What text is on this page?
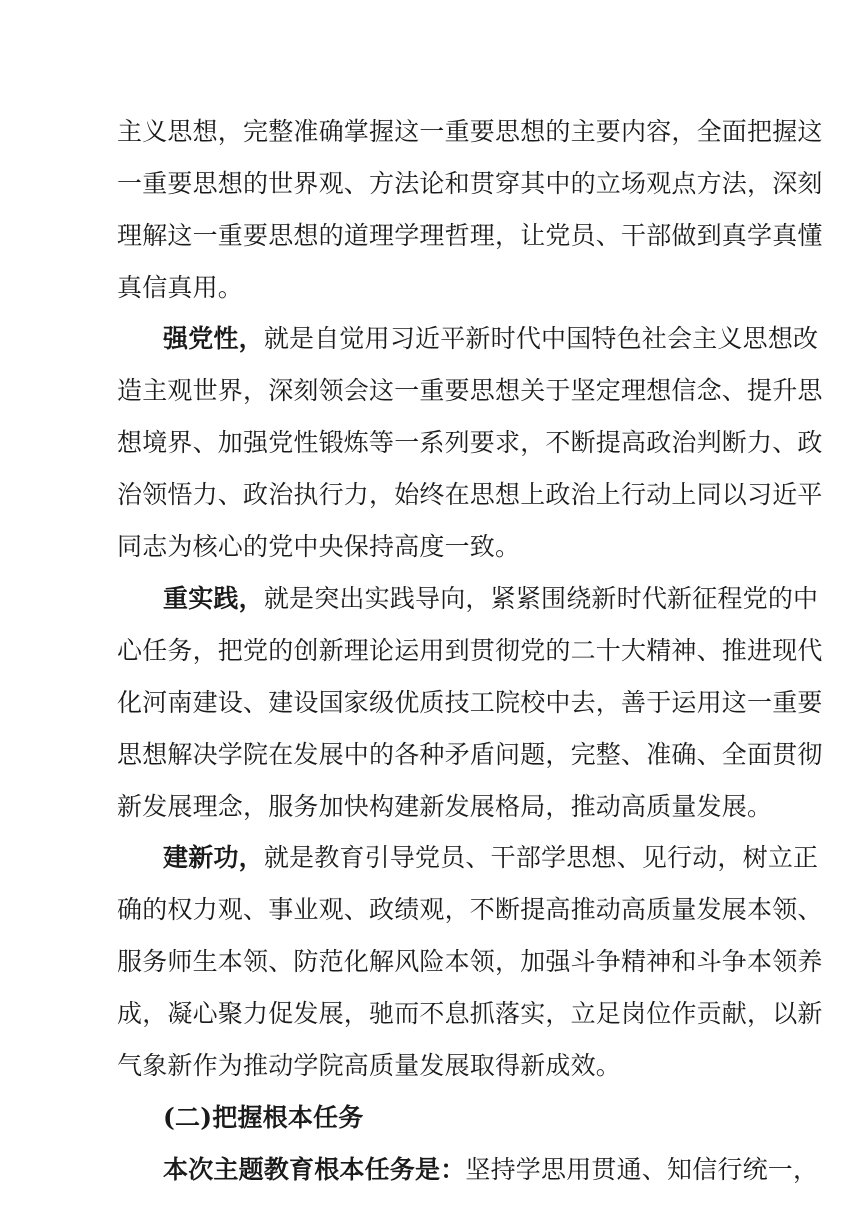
主义思想，完整准确掌握这一重要思想的主要内容，全面把握这
一重要思想的世界观、方法论和贯穿其中的立场观点方法，深刻
理解这一重要思想的道理学理哲理，让党员、干部做到真学真懂
真信真用。
强党性，就是自觉用习近平新时代中国特色社会主义思想改
造主观世界，深刻领会这一重要思想关于坚定理想信念、提升思
想境界、加强党性锻炼等一系列要求，不断提高政治判断力、政
治领悟力、政治执行力，始终在思想上政治上行动上同以习近平
同志为核心的党中央保持高度一致。
重实践，就是突出实践导向，紧紧围绕新时代新征程党的中
心任务，把党的创新理论运用到贯彻党的二十大精神、推进现代
化河南建设、建设国家级优质技工院校中去，善于运用这一重要
思想解决学院在发展中的各种矛盾问题，完整、准确、全面贯彻
新发展理念，服务加快构建新发展格局，推动高质量发展。
建新功，就是教育引导党员、干部学思想、见行动，树立正
确的权力观、事业观、政绩观，不断提高推动高质量发展本领、
服务师生本领、防范化解风险本领，加强斗争精神和斗争本领养
成，凝心聚力促发展，驰而不息抓落实，立足岗位作贡献，以新
气象新作为推动学院高质量发展取得新成效。
(二)把握根本任务
本次主题教育根本任务是：坚持学思用贯通、知信行统一，
